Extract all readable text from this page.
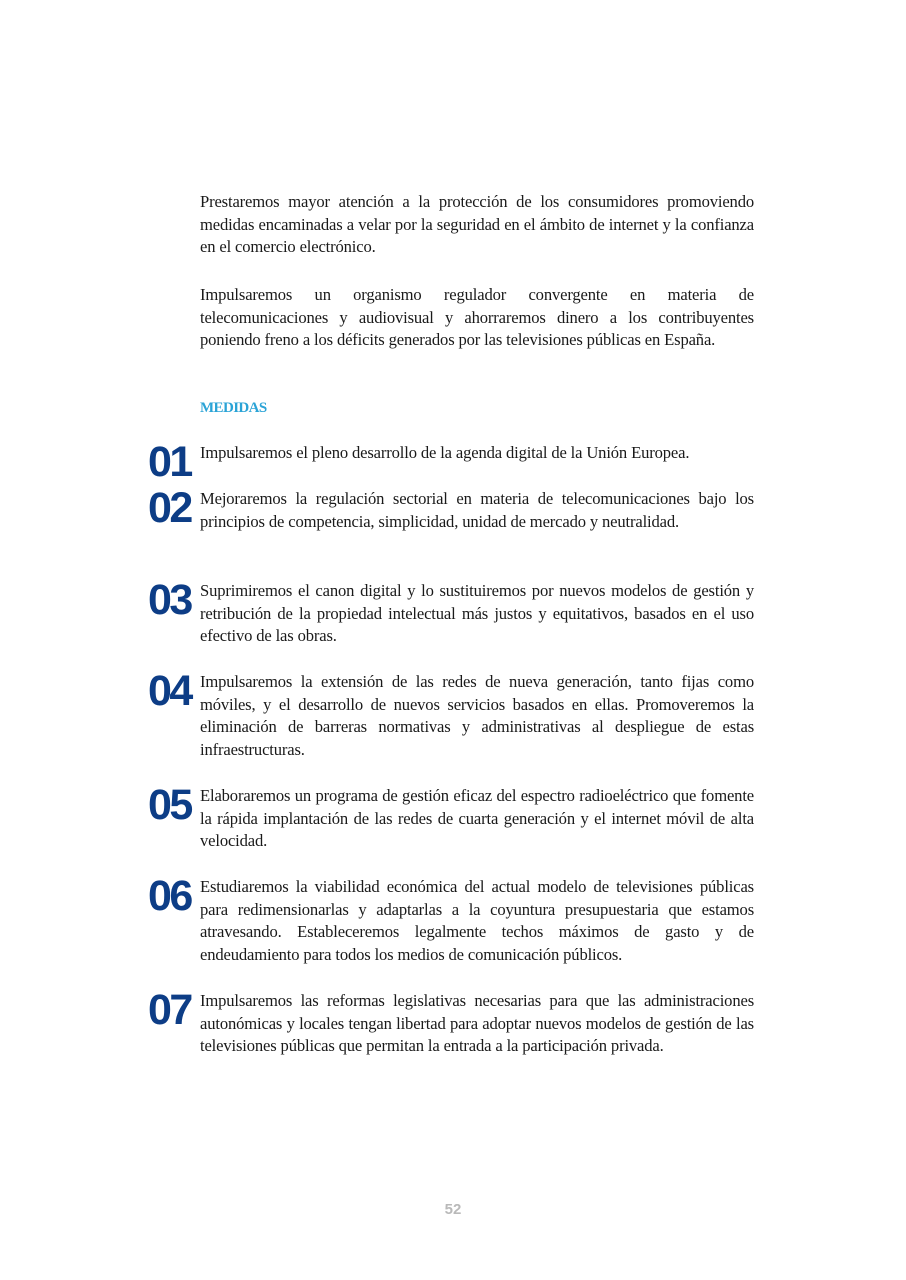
Prestaremos mayor atención a la protección de los consumidores promoviendo medidas encaminadas a velar por la seguridad en el ámbito de internet y la confianza en el comercio electrónico.

Impulsaremos un organismo regulador convergente en materia de telecomunicaciones y audiovisual y ahorraremos dinero a los contribuyentes poniendo freno a los déficits generados por las televisiones públicas en España.

MEDIDAS
01 Impulsaremos el pleno desarrollo de la agenda digital de la Unión Europea.

02 Mejoraremos la regulación sectorial en materia de telecomunicaciones bajo los principios de competencia, simplicidad, unidad de mercado y neutralidad.

03 Suprimiremos el canon digital y lo sustituiremos por nuevos modelos de gestión y retribución de la propiedad intelectual más justos y equitativos, basados en el uso efectivo de las obras.

04 Impulsaremos la extensión de las redes de nueva generación, tanto fijas como móviles, y el desarrollo de nuevos servicios basados en ellas. Promoveremos la eliminación de barreras normativas y administrativas al despliegue de estas infraestructuras.

05 Elaboraremos un programa de gestión eficaz del espectro radioeléctrico que fomente la rápida implantación de las redes de cuarta generación y el internet móvil de alta velocidad.

06 Estudiaremos la viabilidad económica del actual modelo de televisiones públicas para redimensionarlas y adaptarlas a la coyuntura presupuestaria que estamos atravesando. Estableceremos legalmente techos máximos de gasto y de endeudamiento para todos los medios de comunicación públicos.

07 Impulsaremos las reformas legislativas necesarias para que las administraciones autonómicas y locales tengan libertad para adoptar nuevos modelos de gestión de las televisiones públicas que permitan la entrada a la participación privada.

52
